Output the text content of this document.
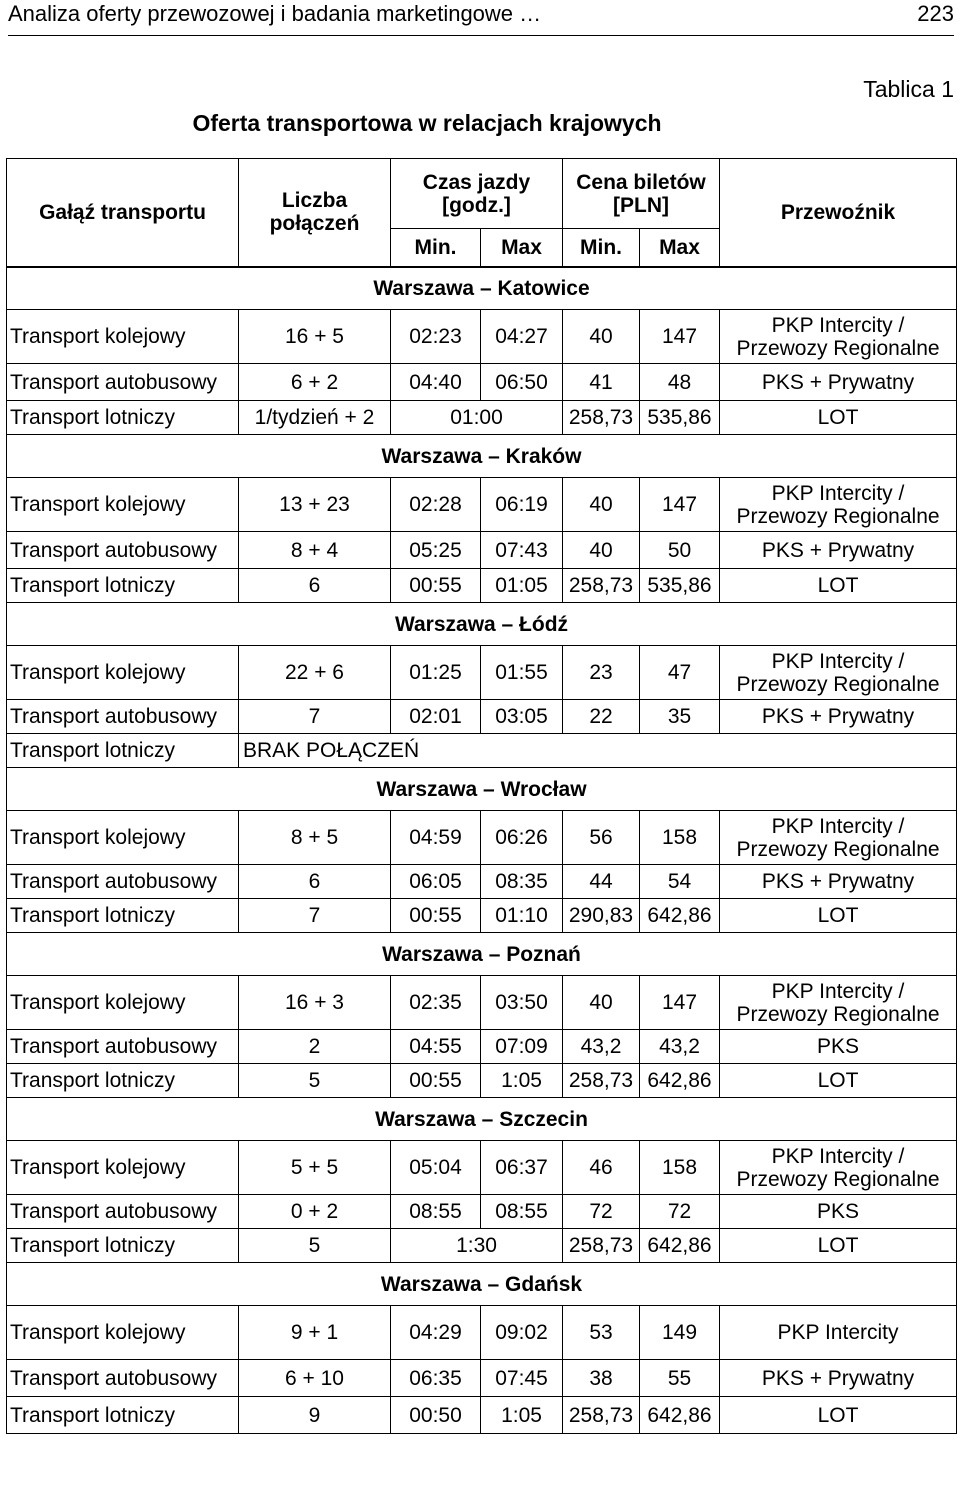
Analiza oferty przewozowej i badania marketingowe …	223
Tablica 1
Oferta transportowa w relacjach krajowych
Gałąź transportu	Liczba połączeń	Czas jazdy [godz.]		Cena biletów [PLN]		Przewoźnik
		Min.	Max	Min.	Max	
Warszawa – Katowice						
Transport kolejowy	16 + 5	02:23	04:27	40	147	PKP Intercity /
Przewozy Regionalne

Transport autobusowy	6 + 2	04:40	06:50	41	48	PKS + Prywatny

Transport lotniczy	1/tydzień + 2	01:00		258,73	535,86	LOT

Warszawa – Kraków						
Transport kolejowy	13 + 23	02:28	06:19	40	147	PKP Intercity /
Przewozy Regionalne

Transport autobusowy	8 + 4	05:25	07:43	40	50	PKS + Prywatny

Transport lotniczy	6	00:55	01:05	258,73	535,86	LOT

Warszawa – Łódź						
Transport kolejowy	22 + 6	01:25	01:55	23	47	PKP Intercity /
Przewozy Regionalne

Transport autobusowy	7	02:01	03:05	22	35	PKS + Prywatny

Transport lotniczy	BRAK POŁĄCZEŃ					
Warszawa – Wrocław						
Transport kolejowy	8 + 5	04:59	06:26	56	158	PKP Intercity /
Przewozy Regionalne

Transport autobusowy	6	06:05	08:35	44	54	PKS + Prywatny

Transport lotniczy	7	00:55	01:10	290,83	642,86	LOT

Warszawa – Poznań						
Transport kolejowy	16 + 3	02:35	03:50	40	147	PKP Intercity /
Przewozy Regionalne

Transport autobusowy	2	04:55	07:09	43,2	43,2	PKS

Transport lotniczy	5	00:55	1:05	258,73	642,86	LOT

Warszawa – Szczecin						
Transport kolejowy	5 + 5	05:04	06:37	46	158	PKP Intercity /
Przewozy Regionalne

Transport autobusowy	0 + 2	08:55	08:55	72	72	PKS

Transport lotniczy	5	1:30		258,73	642,86	LOT

Warszawa – Gdańsk						
Transport kolejowy	9 + 1	04:29	09:02	53	149	PKP Intercity

Transport autobusowy	6 + 10	06:35	07:45	38	55	PKS + Prywatny

Transport lotniczy	9	00:50	1:05	258,73	642,86	LOT
